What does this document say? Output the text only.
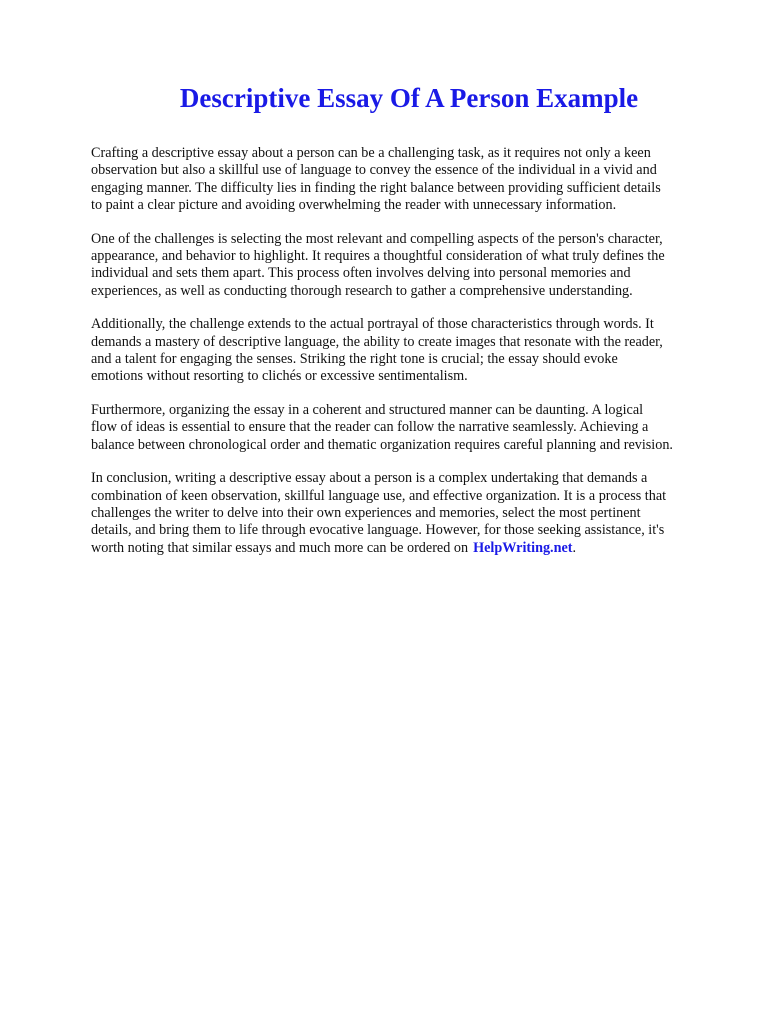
Descriptive Essay Of A Person Example

Crafting a descriptive essay about a person can be a challenging task, as it requires not only a keen
observation but also a skillful use of language to convey the essence of the individual in a vivid and
engaging manner. The difficulty lies in finding the right balance between providing sufficient details
to paint a clear picture and avoiding overwhelming the reader with unnecessary information.

One of the challenges is selecting the most relevant and compelling aspects of the person's character,
appearance, and behavior to highlight. It requires a thoughtful consideration of what truly defines the
individual and sets them apart. This process often involves delving into personal memories and
experiences, as well as conducting thorough research to gather a comprehensive understanding.

Additionally, the challenge extends to the actual portrayal of those characteristics through words. It
demands a mastery of descriptive language, the ability to create images that resonate with the reader,
and a talent for engaging the senses. Striking the right tone is crucial; the essay should evoke
emotions without resorting to clichés or excessive sentimentalism.

Furthermore, organizing the essay in a coherent and structured manner can be daunting. A logical
flow of ideas is essential to ensure that the reader can follow the narrative seamlessly. Achieving a
balance between chronological order and thematic organization requires careful planning and revision.

In conclusion, writing a descriptive essay about a person is a complex undertaking that demands a
combination of keen observation, skillful language use, and effective organization. It is a process that
challenges the writer to delve into their own experiences and memories, select the most pertinent
details, and bring them to life through evocative language. However, for those seeking assistance, it's
worth noting that similar essays and much more can be ordered on HelpWriting.net.
